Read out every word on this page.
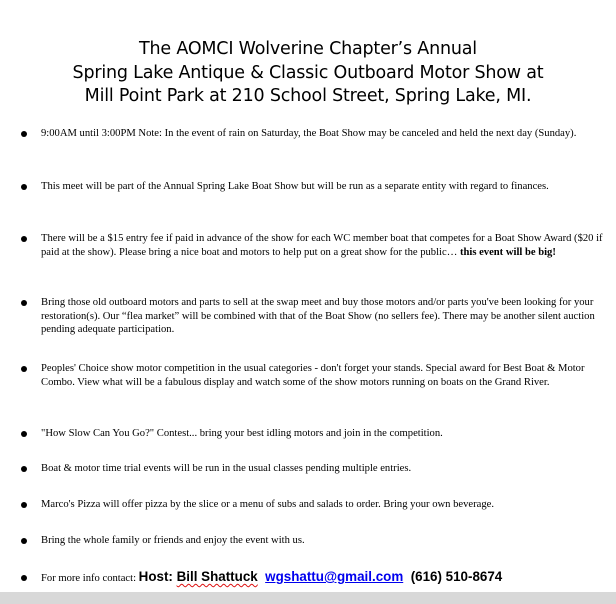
The AOMCI Wolverine Chapter’s Annual
Spring Lake Antique & Classic Outboard Motor Show at
Mill Point Park at 210 School Street, Spring Lake, MI.
9:00AM until 3:00PM Note: In the event of rain on Saturday, the Boat Show may be canceled and held the next day (Sunday).
This meet will be part of the Annual Spring Lake Boat Show but will be run as a separate entity with regard to finances.
There will be a $15 entry fee if paid in advance of the show for each WC member boat that competes for a Boat Show Award ($20 if paid at the show). Please bring a nice boat and motors to help put on a great show for the public… this event will be big!
Bring those old outboard motors and parts to sell at the swap meet and buy those motors and/or parts you've been looking for your restoration(s). Our “flea market” will be combined with that of the Boat Show (no sellers fee). There may be another silent auction pending adequate participation.
Peoples' Choice show motor competition in the usual categories - don't forget your stands. Special award for Best Boat & Motor Combo. View what will be a fabulous display and watch some of the show motors running on boats on the Grand River.
"How Slow Can You Go?" Contest... bring your best idling motors and join in the competition.
Boat & motor time trial events will be run in the usual classes pending multiple entries.
Marco's Pizza will offer pizza by the slice or a menu of subs and salads to order. Bring your own beverage.
Bring the whole family or friends and enjoy the event with us.
For more info contact: Host: Bill Shattuck wgshattu@gmail.com (616) 510-8674
